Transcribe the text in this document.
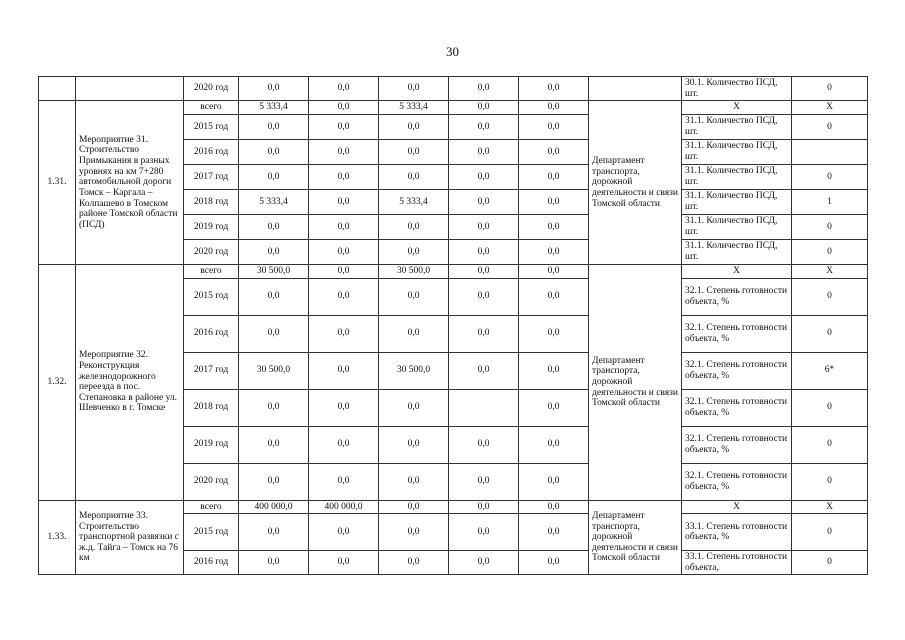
30
		2020 год	0,0	0,0	0,0	0,0	0,0		30.1. Количество ПСД, шт.	0
1.31.	Мероприятие 31. Строительство Примыкания в разных уровнях на км 7+280 автомобильной дороги Томск – Каргала – Колпашево в Томском районе Томской области (ПСД)	всего	5 333,4	0,0	5 333,4	0,0	0,0	Департамент транспорта, дорожной деятельности и связи Томской области	Х	Х
		2015 год	0,0	0,0	0,0	0,0	0,0		31.1. Количество ПСД, шт.	0
		2016 год	0,0	0,0	0,0	0,0	0,0		31.1. Количество ПСД, шт.	
		2017 год	0,0	0,0	0,0	0,0	0,0		31.1. Количество ПСД, шт.	0
		2018 год	5 333,4	0,0	5 333,4	0,0	0,0		31.1. Количество ПСД, шт.	1
		2019 год	0,0	0,0	0,0	0,0	0,0		31.1. Количество ПСД, шт.	0
		2020 год	0,0	0,0	0,0	0,0	0,0		31.1. Количество ПСД, шт.	0
1.32.	Мероприятие 32. Реконструкция железнодорожного переезда в пос. Степановка в районе ул. Шевченко в г. Томске	всего	30 500,0	0,0	30 500,0	0,0	0,0	Департамент транспорта, дорожной деятельности и связи Томской области	Х	Х
		2015 год	0,0	0,0	0,0	0,0	0,0		32.1. Степень готовности объекта, %	0
		2016 год	0,0	0,0	0,0	0,0	0,0		32.1. Степень готовности объекта, %	0
		2017 год	30 500,0	0,0	30 500,0	0,0	0,0		32.1. Степень готовности объекта, %	6*
		2018 год	0,0	0,0	0,0		0,0		32.1. Степень готовности объекта, %	0
		2019 год	0,0	0,0	0,0	0,0	0,0		32.1. Степень готовности объекта, %	0
		2020 год	0,0	0,0	0,0	0,0	0,0		32.1. Степень готовности объекта, %	0
1.33.	Мероприятие 33. Строительство транспортной развязки с ж.д. Тайга – Томск на 76 км	всего	400 000,0	400 000,0	0,0	0,0	0,0	Департамент транспорта, дорожной деятельности и связи Томской области	Х	Х
		2015 год	0,0	0,0	0,0	0,0	0,0		33.1. Степень готовности объекта, %	0
		2016 год	0,0	0,0	0,0	0,0	0,0		33.1. Степень готовности объекта,	0
